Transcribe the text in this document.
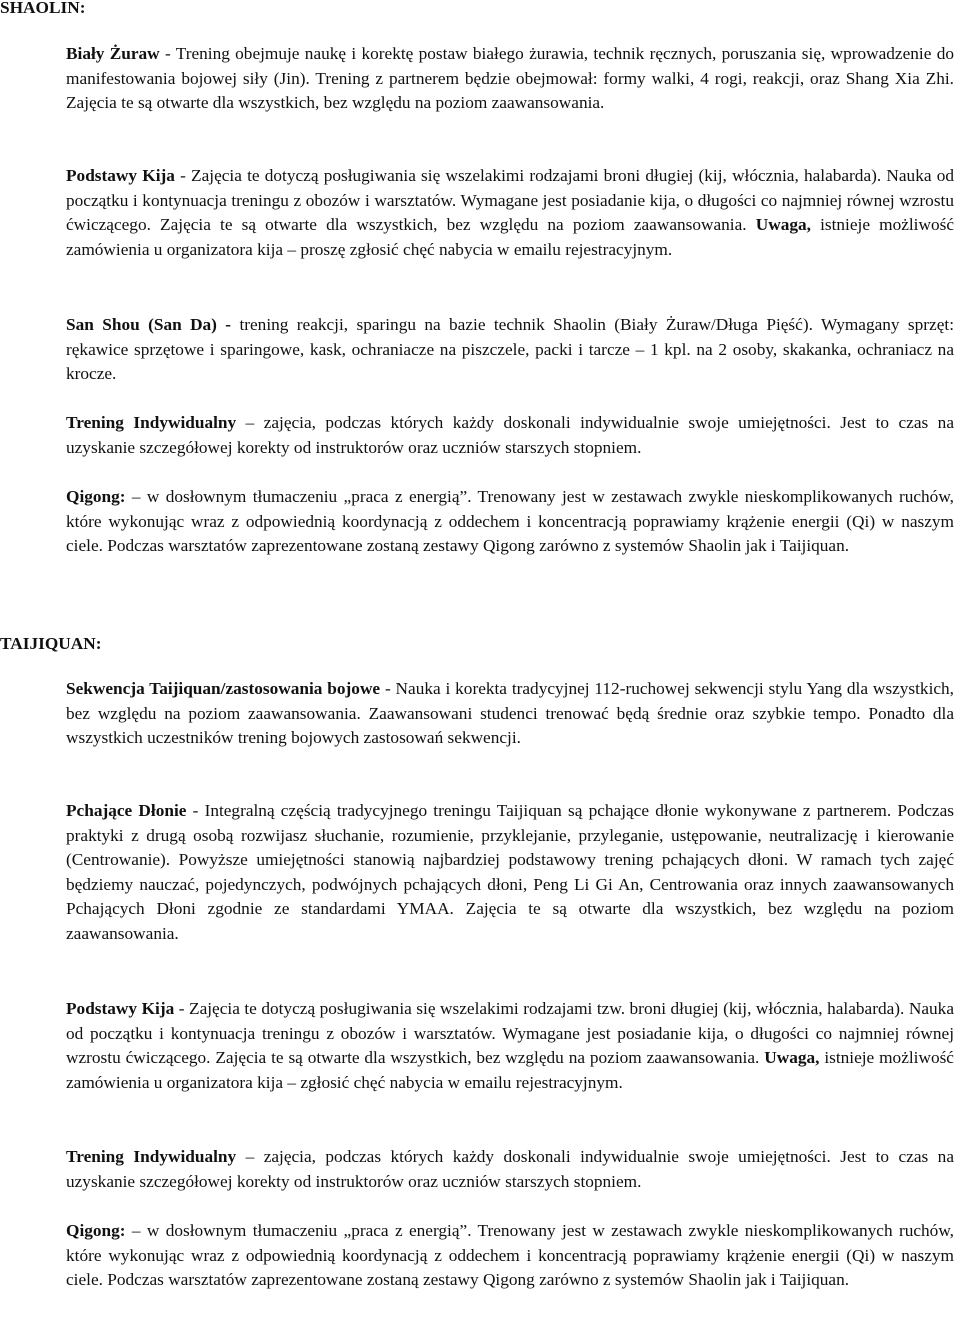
SHAOLIN:

Biały Żuraw - Trening obejmuje naukę i korektę postaw białego żurawia, technik ręcznych, poruszania się, wprowadzenie do manifestowania bojowej siły (Jin). Trening z partnerem będzie obejmował: formy walki, 4 rogi, reakcji, oraz Shang Xia Zhi. Zajęcia te są otwarte dla wszystkich, bez względu na poziom zaawansowania.

Podstawy Kija - Zajęcia te dotyczą posługiwania się wszelakimi rodzajami broni długiej (kij, włócznia, halabarda). Nauka od początku i kontynuacja treningu z obozów i warsztatów. Wymagane jest posiadanie kija, o długości co najmniej równej wzrostu ćwiczącego. Zajęcia te są otwarte dla wszystkich, bez względu na poziom zaawansowania. Uwaga, istnieje możliwość zamówienia u organizatora kija – proszę zgłosić chęć nabycia w emailu rejestracyjnym.

San Shou (San Da) - trening reakcji, sparingu na bazie technik Shaolin (Biały Żuraw/Długa Pięść). Wymagany sprzęt: rękawice sprzętowe i sparingowe, kask, ochraniacze na piszczele, packi i tarcze – 1 kpl. na 2 osoby, skakanka, ochraniacz na krocze.

Trening Indywidualny – zajęcia, podczas których każdy doskonali indywidualnie swoje umiejętności. Jest to czas na uzyskanie szczegółowej korekty od instruktorów oraz uczniów starszych stopniem.

Qigong: – w dosłownym tłumaczeniu „praca z energią”. Trenowany jest w zestawach zwykle nieskomplikowanych ruchów, które wykonując wraz z odpowiednią koordynacją z oddechem i koncentracją poprawiamy krążenie energii (Qi) w naszym ciele. Podczas warsztatów zaprezentowane zostaną zestawy Qigong zarówno z systemów Shaolin jak i Taijiquan.

TAIJIQUAN:

Sekwencja Taijiquan/zastosowania bojowe - Nauka i korekta tradycyjnej 112-ruchowej sekwencji stylu Yang dla wszystkich, bez względu na poziom zaawansowania. Zaawansowani studenci trenować będą średnie oraz szybkie tempo. Ponadto dla wszystkich uczestników trening bojowych zastosowań sekwencji.

Pchające Dłonie - Integralną częścią tradycyjnego treningu Taijiquan są pchające dłonie wykonywane z partnerem. Podczas praktyki z drugą osobą rozwijasz słuchanie, rozumienie, przyklejanie, przyleganie, ustępowanie, neutralizację i kierowanie (Centrowanie). Powyższe umiejętności stanowią najbardziej podstawowy trening pchających dłoni. W ramach tych zajęć będziemy nauczać, pojedynczych, podwójnych pchających dłoni, Peng Li Gi An, Centrowania oraz innych zaawansowanych Pchających Dłoni zgodnie ze standardami YMAA. Zajęcia te są otwarte dla wszystkich, bez względu na poziom zaawansowania.

Podstawy Kija - Zajęcia te dotyczą posługiwania się wszelakimi rodzajami tzw. broni długiej (kij, włócznia, halabarda). Nauka od początku i kontynuacja treningu z obozów i warsztatów. Wymagane jest posiadanie kija, o długości co najmniej równej wzrostu ćwiczącego. Zajęcia te są otwarte dla wszystkich, bez względu na poziom zaawansowania. Uwaga, istnieje możliwość zamówienia u organizatora kija – zgłosić chęć nabycia w emailu rejestracyjnym.

Trening Indywidualny – zajęcia, podczas których każdy doskonali indywidualnie swoje umiejętności. Jest to czas na uzyskanie szczegółowej korekty od instruktorów oraz uczniów starszych stopniem.

Qigong: – w dosłownym tłumaczeniu „praca z energią”. Trenowany jest w zestawach zwykle nieskomplikowanych ruchów, które wykonując wraz z odpowiednią koordynacją z oddechem i koncentracją poprawiamy krążenie energii (Qi) w naszym ciele. Podczas warsztatów zaprezentowane zostaną zestawy Qigong zarówno z systemów Shaolin jak i Taijiquan.
